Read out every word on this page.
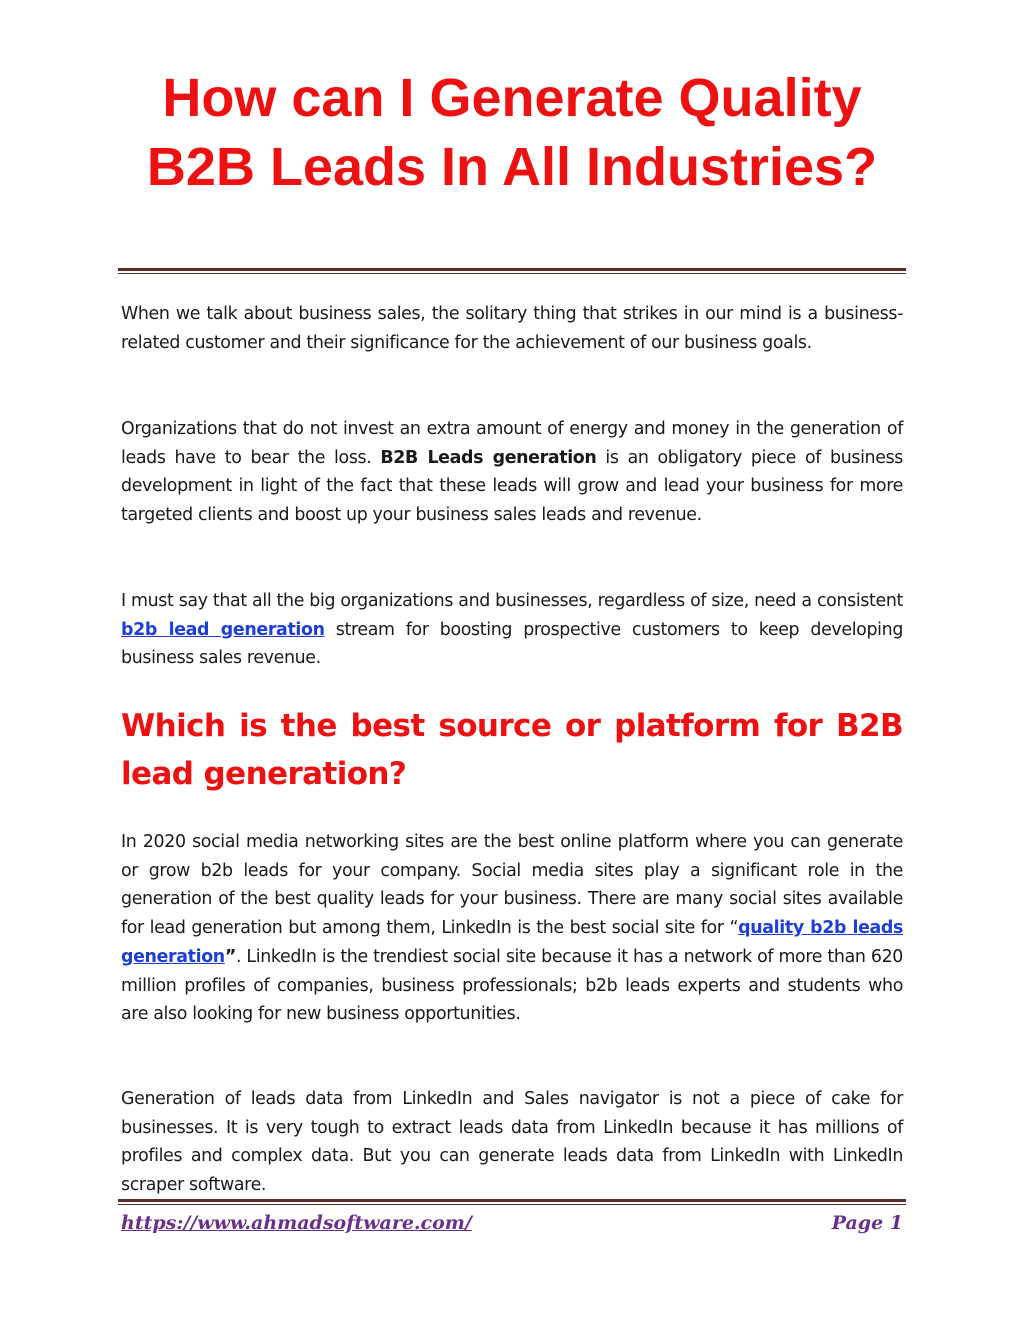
How can I Generate Quality B2B Leads In All Industries?

When we talk about business sales, the solitary thing that strikes in our mind is a business-related customer and their significance for the achievement of our business goals.

Organizations that do not invest an extra amount of energy and money in the generation of leads have to bear the loss. B2B Leads generation is an obligatory piece of business development in light of the fact that these leads will grow and lead your business for more targeted clients and boost up your business sales leads and revenue.

I must say that all the big organizations and businesses, regardless of size, need a consistent b2b lead generation stream for boosting prospective customers to keep developing business sales revenue.

Which is the best source or platform for B2B lead generation?

In 2020 social media networking sites are the best online platform where you can generate or grow b2b leads for your company. Social media sites play a significant role in the generation of the best quality leads for your business. There are many social sites available for lead generation but among them, LinkedIn is the best social site for “quality b2b leads generation”. LinkedIn is the trendiest social site because it has a network of more than 620 million profiles of companies, business professionals; b2b leads experts and students who are also looking for new business opportunities.

Generation of leads data from LinkedIn and Sales navigator is not a piece of cake for businesses. It is very tough to extract leads data from LinkedIn because it has millions of profiles and complex data. But you can generate leads data from LinkedIn with LinkedIn scraper software.

https://www.ahmadsoftware.com/	Page 1
